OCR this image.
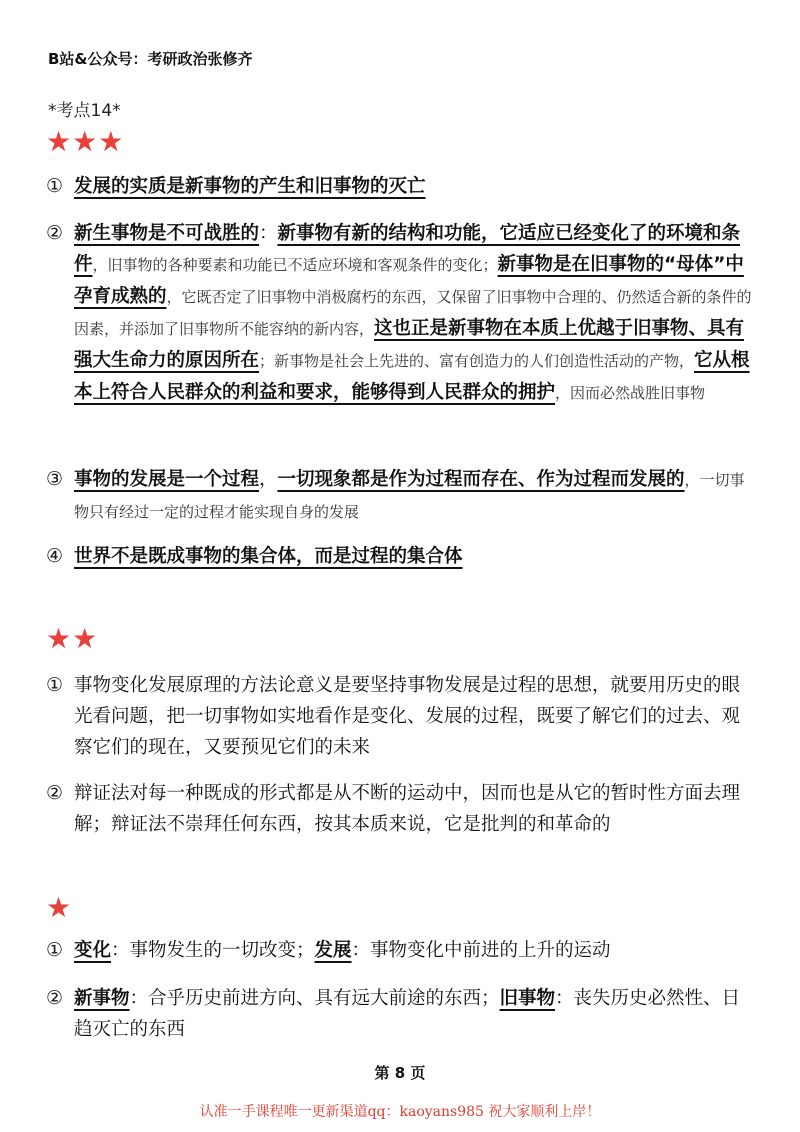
B站&公众号：考研政治张修齐
*考点14*
★★★
① 发展的实质是新事物的产生和旧事物的灭亡
② 新生事物是不可战胜的：新事物有新的结构和功能，它适应已经变化了的环境和条件，旧事物的各种要素和功能已不适应环境和客观条件的变化；新事物是在旧事物的“母体”中孕育成熟的，它既否定了旧事物中消极腐朽的东西，又保留了旧事物中合理的、仍然适合新的条件的因素，并添加了旧事物所不能容纳的新内容，这也正是新事物在本质上优越于旧事物、具有强大生命力的原因所在；新事物是社会上先进的、富有创造力的人们创造性活动的产物，它从根本上符合人民群众的利益和要求，能够得到人民群众的拥护，因而必然战胜旧事物
③ 事物的发展是一个过程，一切现象都是作为过程而存在、作为过程而发展的，一切事物只有经过一定的过程才能实现自身的发展
④ 世界不是既成事物的集合体，而是过程的集合体
★★
① 事物变化发展原理的方法论意义是要坚持事物发展是过程的思想，就要用历史的眼光看问题，把一切事物如实地看作是变化、发展的过程，既要了解它们的过去、观察它们的现在，又要预见它们的未来
② 辩证法对每一种既成的形式都是从不断的运动中，因而也是从它的暂时性方面去理解；辩证法不崇拜任何东西，按其本质来说，它是批判的和革命的
★
① 变化：事物发生的一切改变；发展：事物变化中前进的上升的运动
② 新事物：合乎历史前进方向、具有远大前途的东西；旧事物：丧失历史必然性、日趋灭亡的东西
第 8 页
认准一手课程唯一更新渠道qq：kaoyans985 祝大家顺利上岸！
